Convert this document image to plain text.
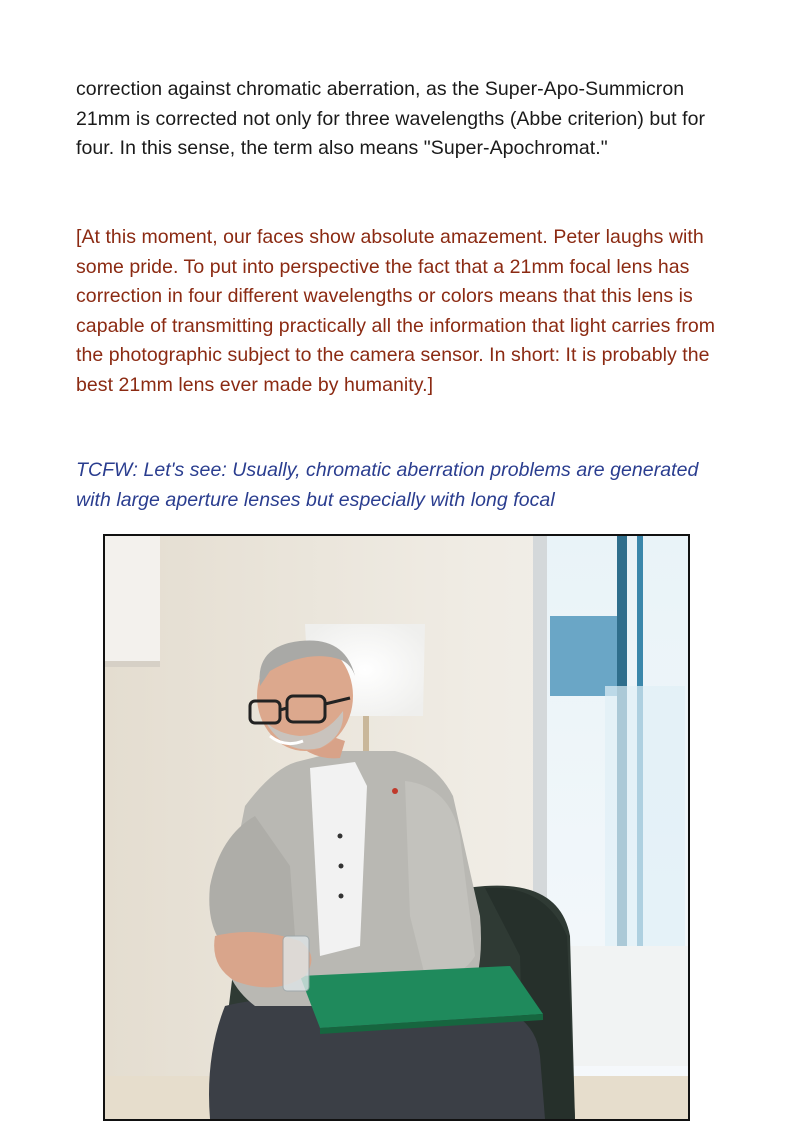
correction against chromatic aberration, as the Super-Apo-Summicron 21mm is corrected not only for three wavelengths (Abbe criterion) but for four. In this sense, the term also means "Super-Apochromat."

[At this moment, our faces show absolute amazement. Peter laughs with some pride. To put into perspective the fact that a 21mm focal lens has correction in four different wavelengths or colors means that this lens is capable of transmitting practically all the information that light carries from the photographic subject to the camera sensor. In short: It is probably the best 21mm lens ever made by humanity.]

TCFW: Let's see: Usually, chromatic aberration problems are generated with large aperture lenses but especially with long focal
